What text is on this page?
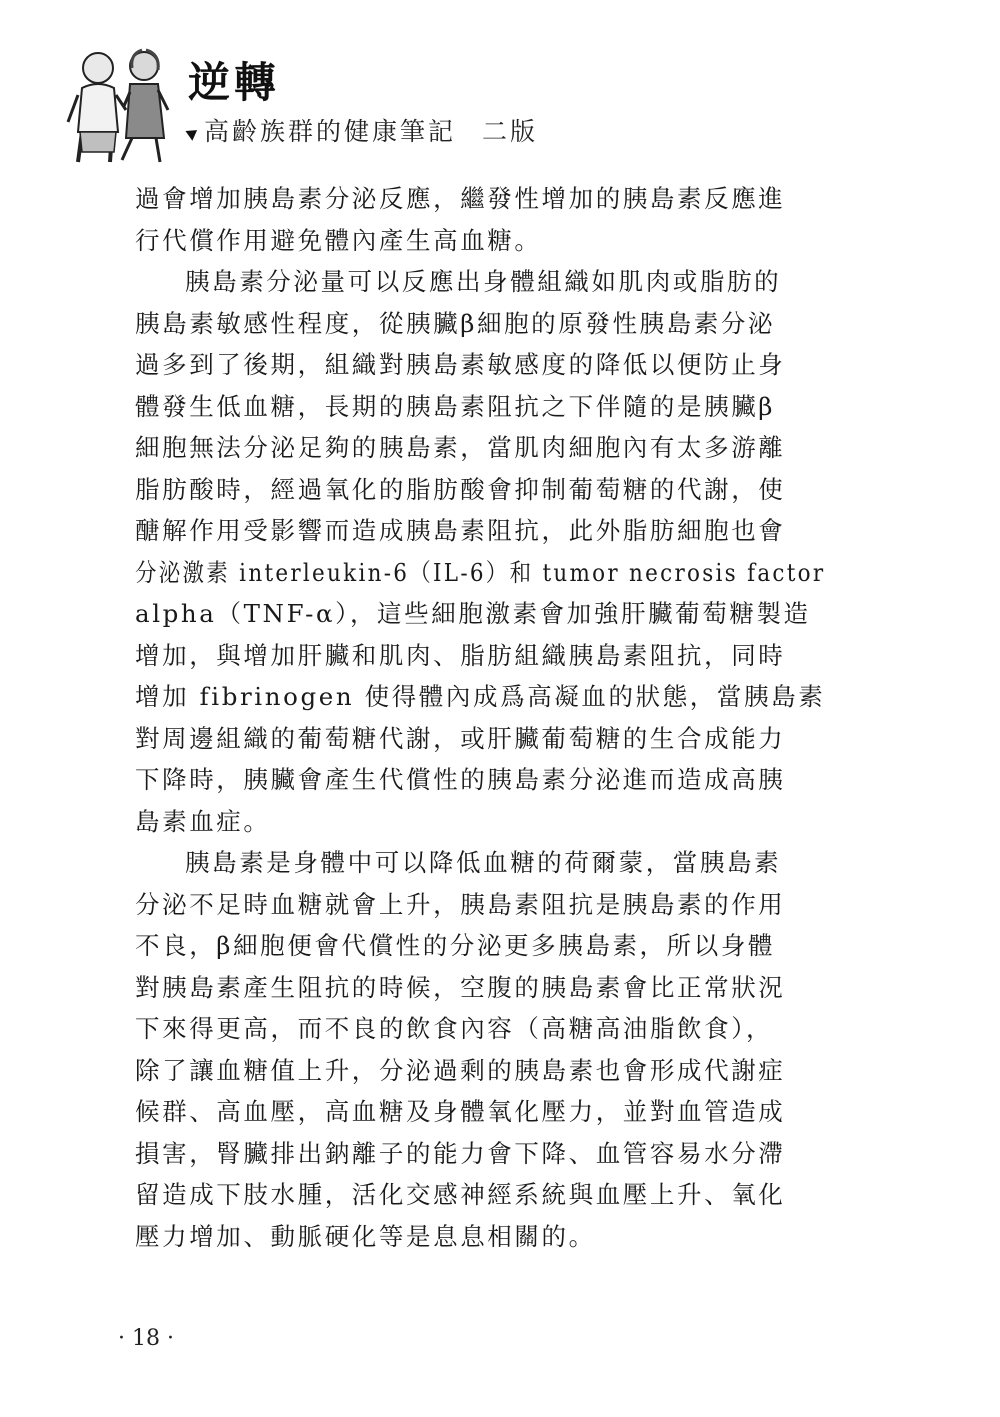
逆轉
高齡族群的健康筆記 二版
過會增加胰島素分泌反應，繼發性增加的胰島素反應進
行代償作用避免體內產生高血糖。
胰島素分泌量可以反應出身體組織如肌肉或脂肪的
胰島素敏感性程度，從胰臟β細胞的原發性胰島素分泌
過多到了後期，組織對胰島素敏感度的降低以便防止身
體發生低血糖，長期的胰島素阻抗之下伴隨的是胰臟β
細胞無法分泌足夠的胰島素，當肌肉細胞內有太多游離
脂肪酸時，經過氧化的脂肪酸會抑制葡萄糖的代謝，使
醣解作用受影響而造成胰島素阻抗，此外脂肪細胞也會
分泌激素 interleukin-6（IL-6）和 tumor necrosis factor
alpha（TNF-α），這些細胞激素會加強肝臟葡萄糖製造
增加，與增加肝臟和肌肉、脂肪組織胰島素阻抗，同時
增加 fibrinogen 使得體內成爲高凝血的狀態，當胰島素
對周邊組織的葡萄糖代謝，或肝臟葡萄糖的生合成能力
下降時，胰臟會產生代償性的胰島素分泌進而造成高胰
島素血症。
胰島素是身體中可以降低血糖的荷爾蒙，當胰島素
分泌不足時血糖就會上升，胰島素阻抗是胰島素的作用
不良，β細胞便會代償性的分泌更多胰島素，所以身體
對胰島素產生阻抗的時候，空腹的胰島素會比正常狀況
下來得更高，而不良的飲食內容（高糖高油脂飲食），
除了讓血糖值上升，分泌過剩的胰島素也會形成代謝症
候群、高血壓，高血糖及身體氧化壓力，並對血管造成
損害，腎臟排出鈉離子的能力會下降、血管容易水分滯
留造成下肢水腫，活化交感神經系統與血壓上升、氧化
壓力增加、動脈硬化等是息息相關的。
· 18 ·
